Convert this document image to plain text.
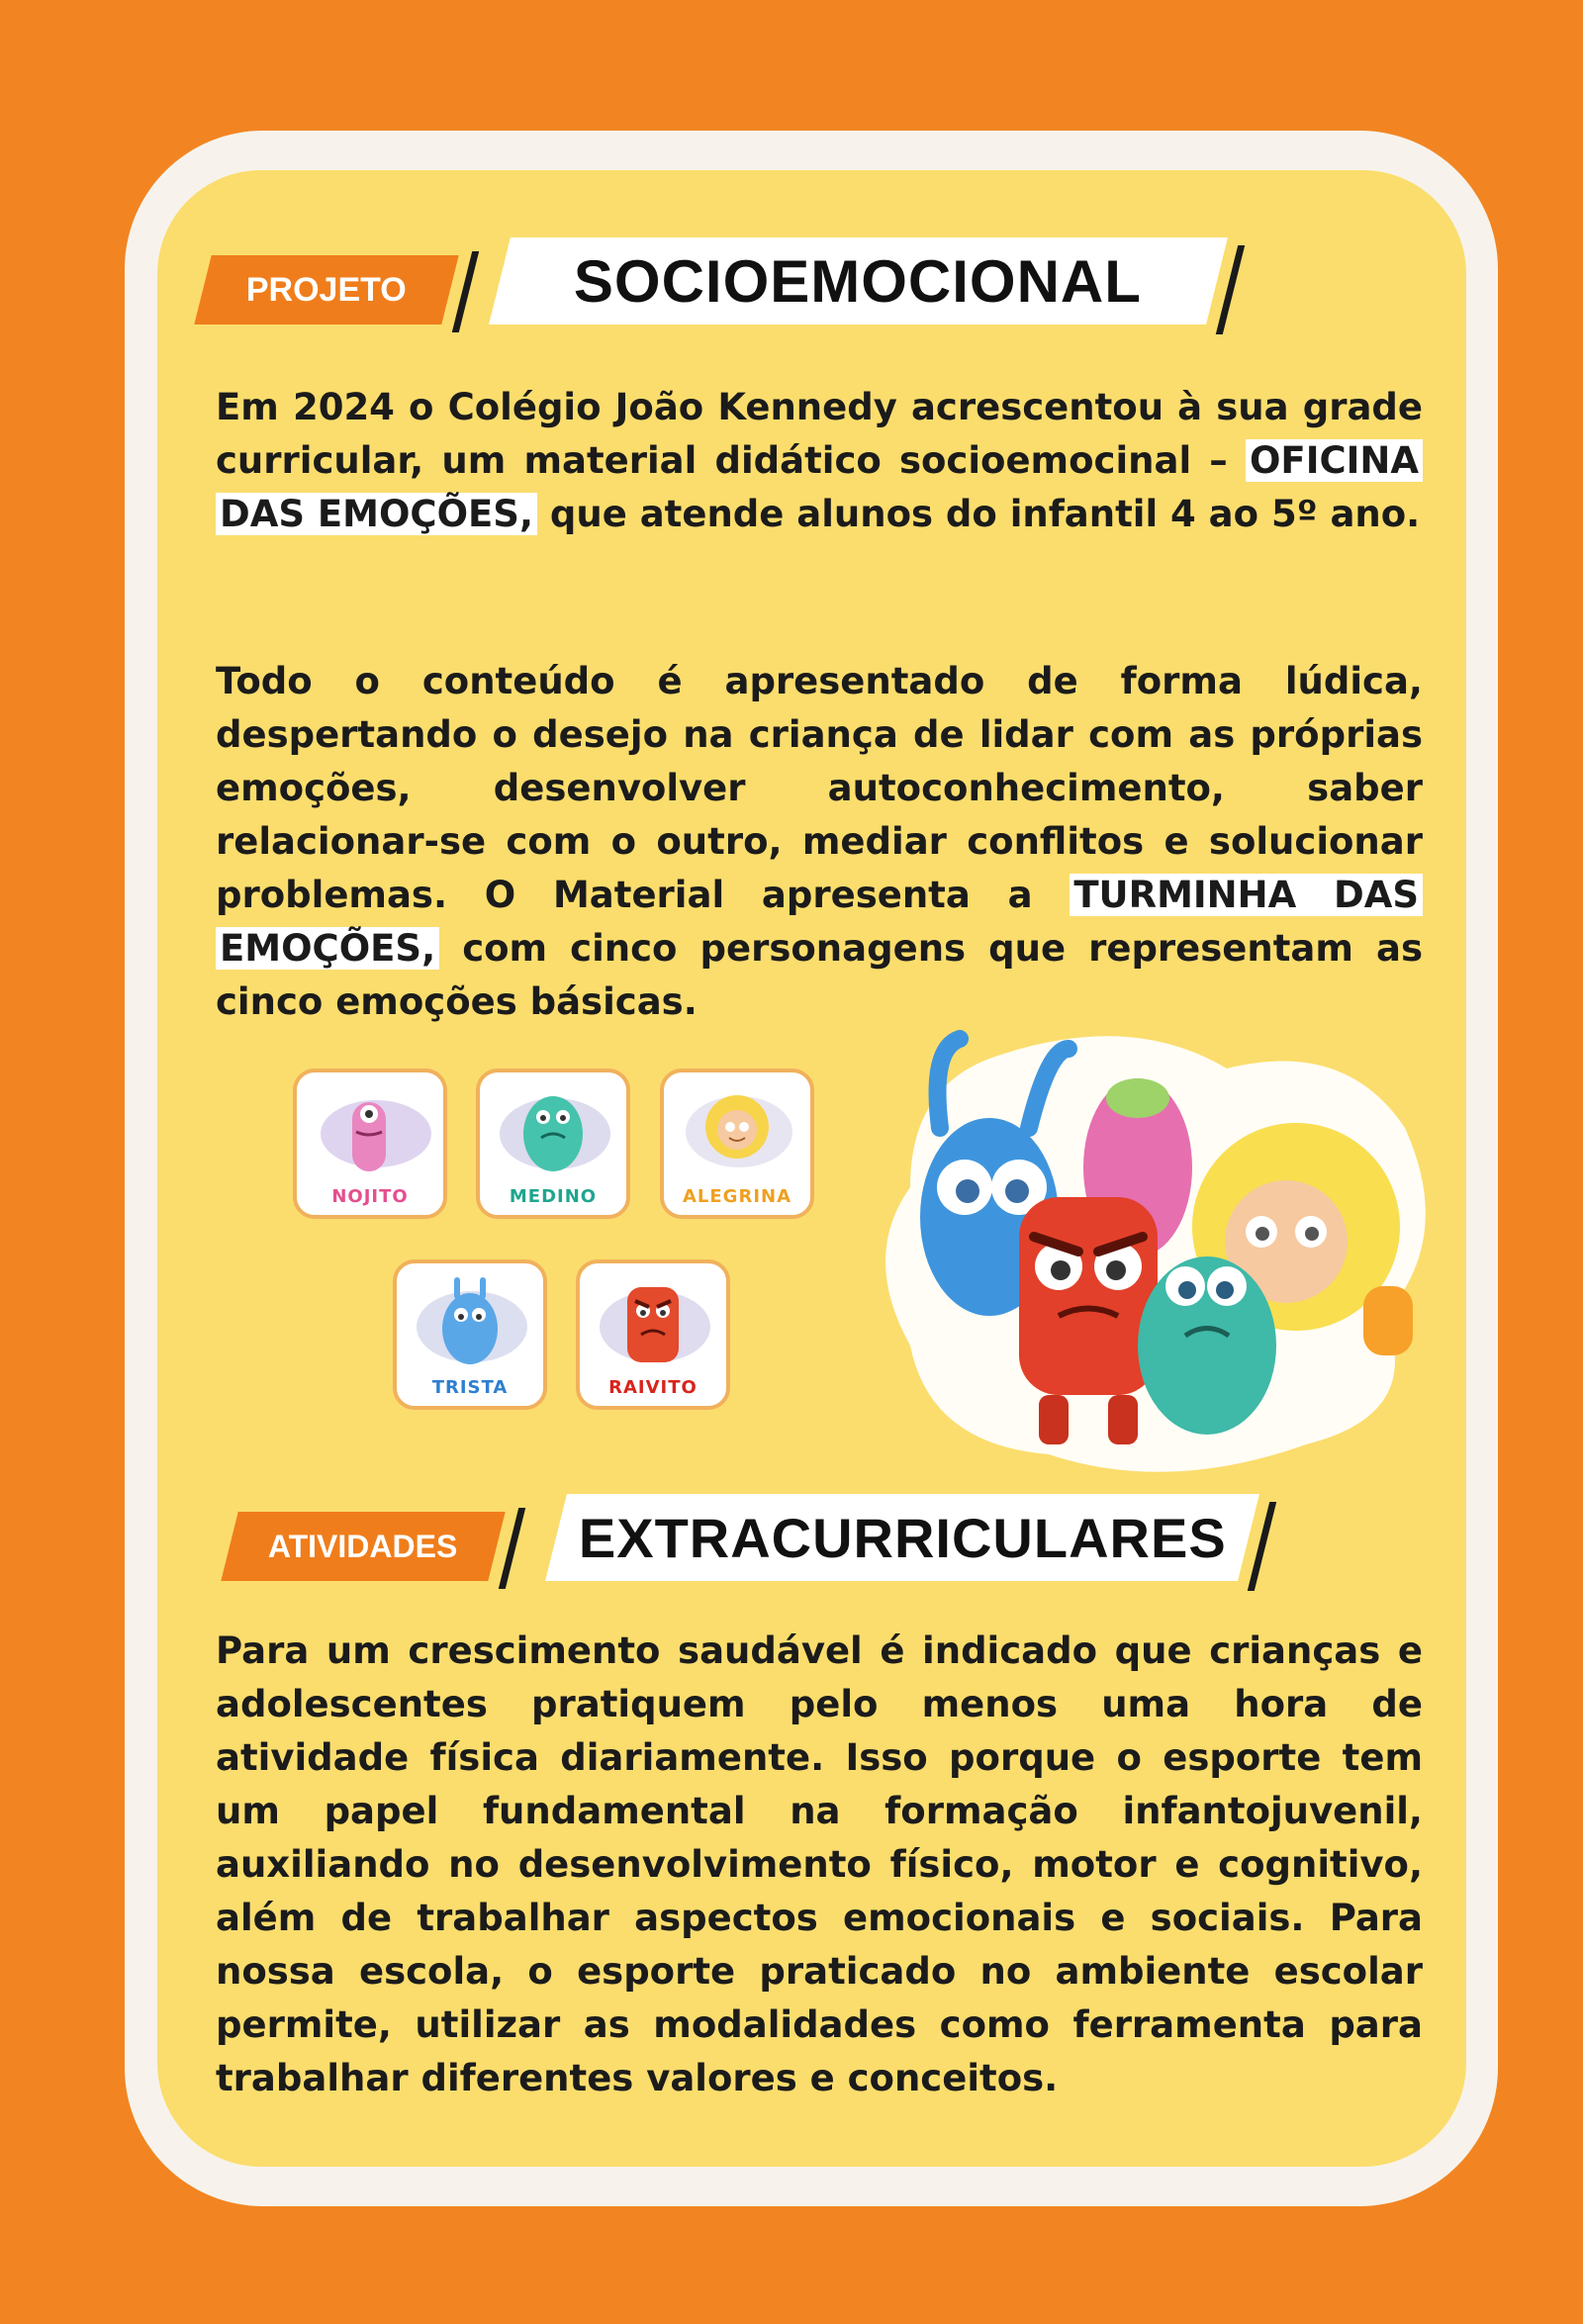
PROJETO	SOCIOEMOCIONAL

Em 2024 o Colégio João Kennedy acrescentou à sua grade curricular, um material didático socioemocinal – OFICINA DAS EMOÇÕES, que atende alunos do infantil 4 ao 5º ano.

Todo o conteúdo é apresentado de forma lúdica, despertando o desejo na criança de lidar com as próprias emoções, desenvolver autoconhecimento, saber relacionar-se com o outro, mediar conflitos e solucionar problemas. O Material apresenta a TURMINHA DAS EMOÇÕES, com cinco personagens que representam as cinco emoções básicas.

NOJITO	MEDINO	ALEGRINA
TRISTA	RAIVITO
ATIVIDADES EXTRACURRICULARES

Para um crescimento saudável é indicado que crianças e adolescentes pratiquem pelo menos uma hora de atividade física diariamente. Isso porque o esporte tem um papel fundamental na formação infantojuvenil, auxiliando no desenvolvimento físico, motor e cognitivo, além de trabalhar aspectos emocionais e sociais. Para nossa escola, o esporte praticado no ambiente escolar permite, utilizar as modalidades como ferramenta para trabalhar diferentes valores e conceitos.
